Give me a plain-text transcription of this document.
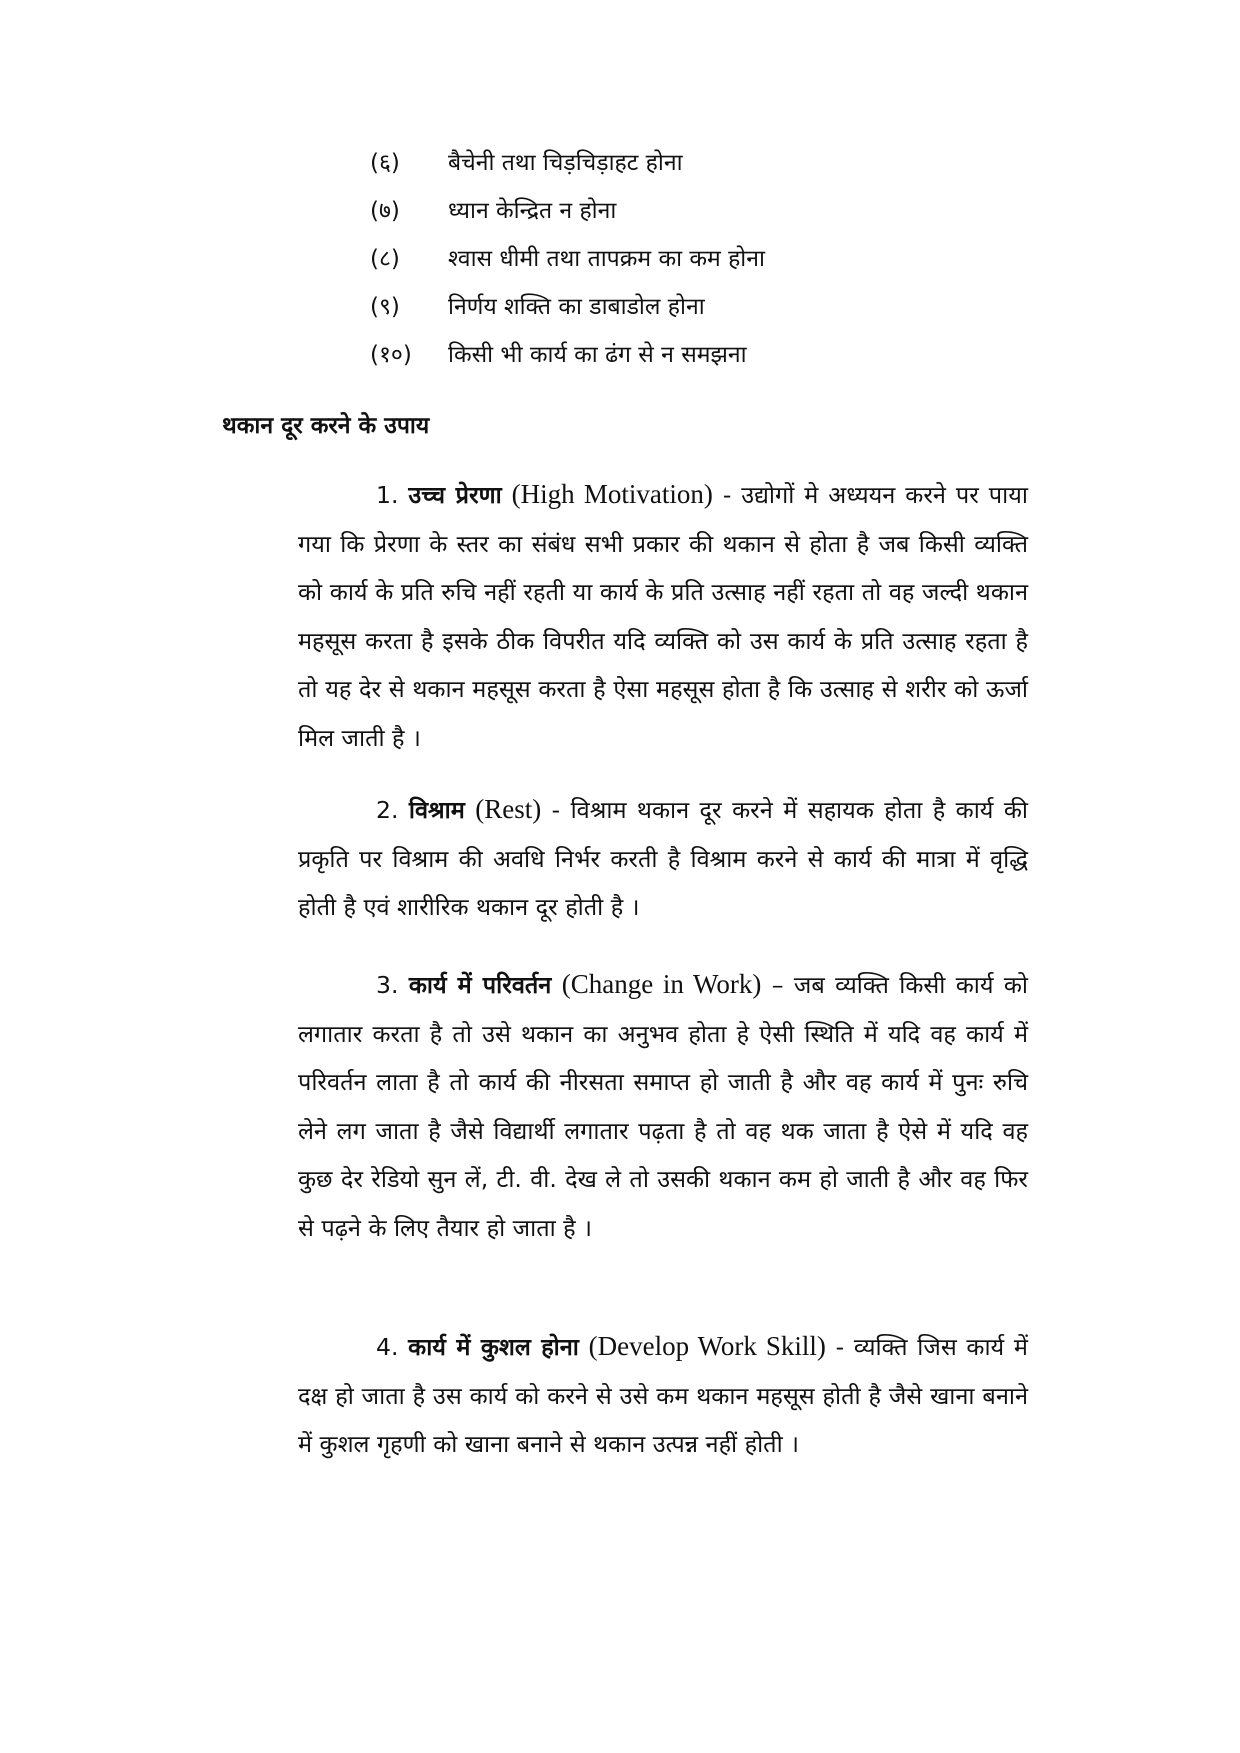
(६)	बैचेनी तथा चिड़चिड़ाहट होना
(७)	ध्यान केन्द्रित न होना
(८)	श्वास धीमी तथा तापक्रम का कम होना
(९)	निर्णय शक्ति का डाबाडोल होना
(१०)	किसी भी कार्य का ढंग से न समझना
थकान दूर करने के उपाय

1. उच्च प्रेरणा (High Motivation) - उद्योगों मे अध्ययन करने पर पाया गया कि प्रेरणा के स्तर का संबंध सभी प्रकार की थकान से होता है जब किसी व्यक्ति को कार्य के प्रति रुचि नहीं रहती या कार्य के प्रति उत्साह नहीं रहता तो वह जल्दी थकान महसूस करता है इसके ठीक विपरीत यदि व्यक्ति को उस कार्य के प्रति उत्साह रहता है तो यह देर से थकान महसूस करता है ऐसा महसूस होता है कि उत्साह से शरीर को ऊर्जा मिल जाती है ।

2. विश्राम (Rest) - विश्राम थकान दूर करने में सहायक होता है कार्य की प्रकृति पर विश्राम की अवधि निर्भर करती है विश्राम करने से कार्य की मात्रा में वृद्धि होती है एवं शारीरिक थकान दूर होती है ।

3. कार्य में परिवर्तन (Change in Work) – जब व्यक्ति किसी कार्य को लगातार करता है तो उसे थकान का अनुभव होता हे ऐसी स्थिति में यदि वह कार्य में परिवर्तन लाता है तो कार्य की नीरसता समाप्त हो जाती है और वह कार्य में पुनः रुचि लेने लग जाता है जैसे विद्यार्थी लगातार पढ़ता है तो वह थक जाता है ऐसे में यदि वह कुछ देर रेडियो सुन लें, टी. वी. देख ले तो उसकी थकान कम हो जाती है और वह फिर से पढ़ने के लिए तैयार हो जाता है ।

4. कार्य में कुशल होना (Develop Work Skill) - व्यक्ति जिस कार्य में दक्ष हो जाता है उस कार्य को करने से उसे कम थकान महसूस होती है जैसे खाना बनाने में कुशल गृहणी को खाना बनाने से थकान उत्पन्न नहीं होती ।
